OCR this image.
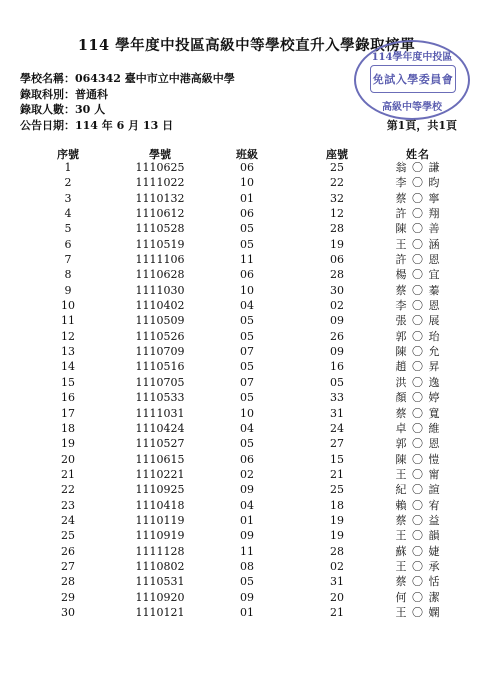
114 學年度中投區高級中等學校直升入學錄取榜單
114學年度中投區
免試入學委員會
高級中等學校
學校名稱：064342 臺中市立中港高級中學
錄取科別：普通科
錄取人數：30 人
公告日期：114 年 6 月 13 日	第1頁，共1頁
序號	學號	班級	座號	姓名
1	1110625	06	25	翁 〇 謙
2	1111022	10	22	李 〇 昀
3	1110132	01	32	蔡 〇 寧
4	1110612	06	12	許 〇 翔
5	1110528	05	28	陳 〇 善
6	1110519	05	19	王 〇 涵
7	1111106	11	06	許 〇 恩
8	1110628	06	28	楊 〇 宜
9	1111030	10	30	蔡 〇 蓁
10	1110402	04	02	李 〇 恩
11	1110509	05	09	張 〇 展
12	1110526	05	26	郭 〇 珆
13	1110709	07	09	陳 〇 允
14	1110516	05	16	趙 〇 昇
15	1110705	07	05	洪 〇 逸
16	1110533	05	33	顏 〇 婷
17	1111031	10	31	蔡 〇 寬
18	1110424	04	24	卓 〇 維
19	1110527	05	27	郭 〇 恩
20	1110615	06	15	陳 〇 愷
21	1110221	02	21	王 〇 甯
22	1110925	09	25	紀 〇 諠
23	1110418	04	18	賴 〇 宥
24	1110119	01	19	蔡 〇 益
25	1110919	09	19	王 〇 韻
26	1111128	11	28	蘇 〇 婕
27	1110802	08	02	王 〇 承
28	1110531	05	31	蔡 〇 恬
29	1110920	09	20	何 〇 潔
30	1110121	01	21	王 〇 嫻
